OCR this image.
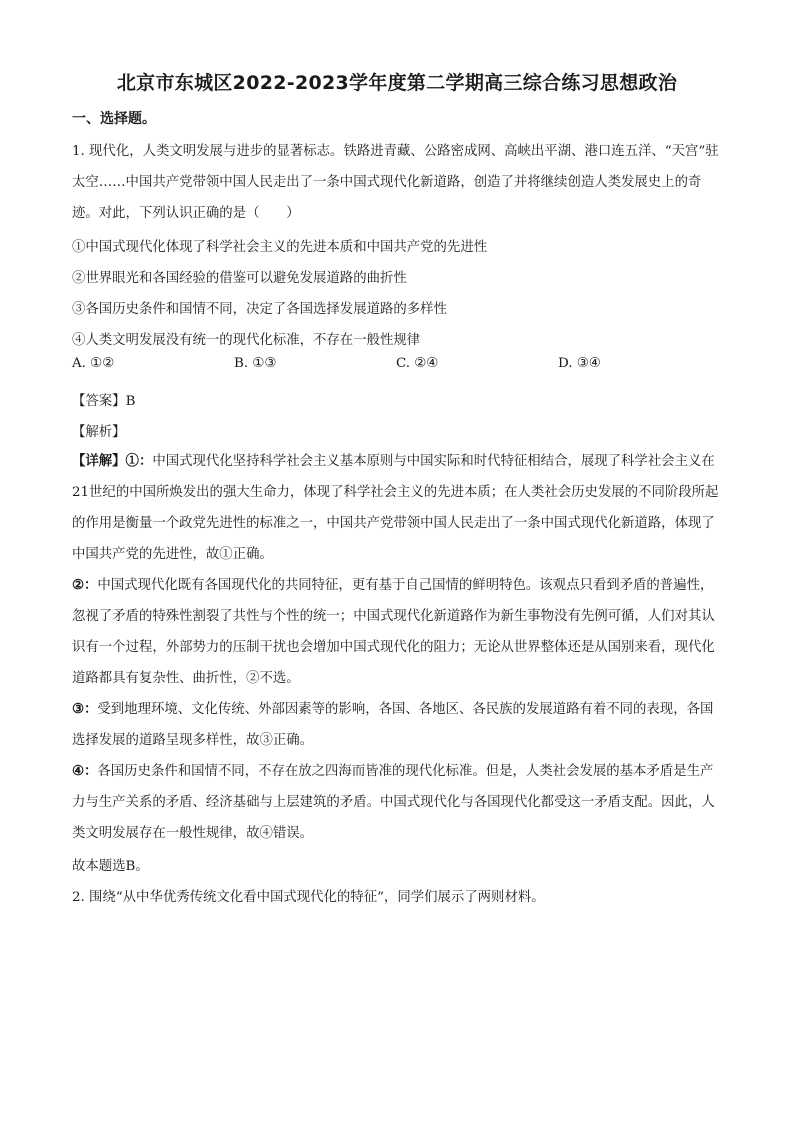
北京市东城区2022-2023学年度第二学期高三综合练习思想政治
一、选择题。

1. 现代化，人类文明发展与进步的显著标志。铁路进青藏、公路密成网、高峡出平湖、港口连五洋、“天宫”驻太空……中国共产党带领中国人民走出了一条中国式现代化新道路，创造了并将继续创造人类发展史上的奇迹。对此，下列认识正确的是（　　）

①中国式现代化体现了科学社会主义的先进本质和中国共产党的先进性
②世界眼光和各国经验的借鉴可以避免发展道路的曲折性
③各国历史条件和国情不同，决定了各国选择发展道路的多样性
④人类文明发展没有统一的现代化标准，不存在一般性规律
A. ①②	B. ①③	C. ②④	D. ③④
【答案】B
【解析】

【详解】①：中国式现代化坚持科学社会主义基本原则与中国实际和时代特征相结合，展现了科学社会主义在21世纪的中国所焕发出的强大生命力，体现了科学社会主义的先进本质；在人类社会历史发展的不同阶段所起的作用是衡量一个政党先进性的标准之一，中国共产党带领中国人民走出了一条中国式现代化新道路，体现了中国共产党的先进性，故①正确。

②：中国式现代化既有各国现代化的共同特征，更有基于自己国情的鲜明特色。该观点只看到矛盾的普遍性，忽视了矛盾的特殊性割裂了共性与个性的统一；中国式现代化新道路作为新生事物没有先例可循，人们对其认识有一个过程，外部势力的压制干扰也会增加中国式现代化的阻力；无论从世界整体还是从国别来看，现代化道路都具有复杂性、曲折性，②不选。

③：受到地理环境、文化传统、外部因素等的影响，各国、各地区、各民族的发展道路有着不同的表现，各国选择发展的道路呈现多样性，故③正确。

④：各国历史条件和国情不同，不存在放之四海而皆准的现代化标准。但是，人类社会发展的基本矛盾是生产力与生产关系的矛盾、经济基础与上层建筑的矛盾。中国式现代化与各国现代化都受这一矛盾支配。因此，人类文明发展存在一般性规律，故④错误。

故本题选B。
2. 围绕“从中华优秀传统文化看中国式现代化的特征”，同学们展示了两则材料。
